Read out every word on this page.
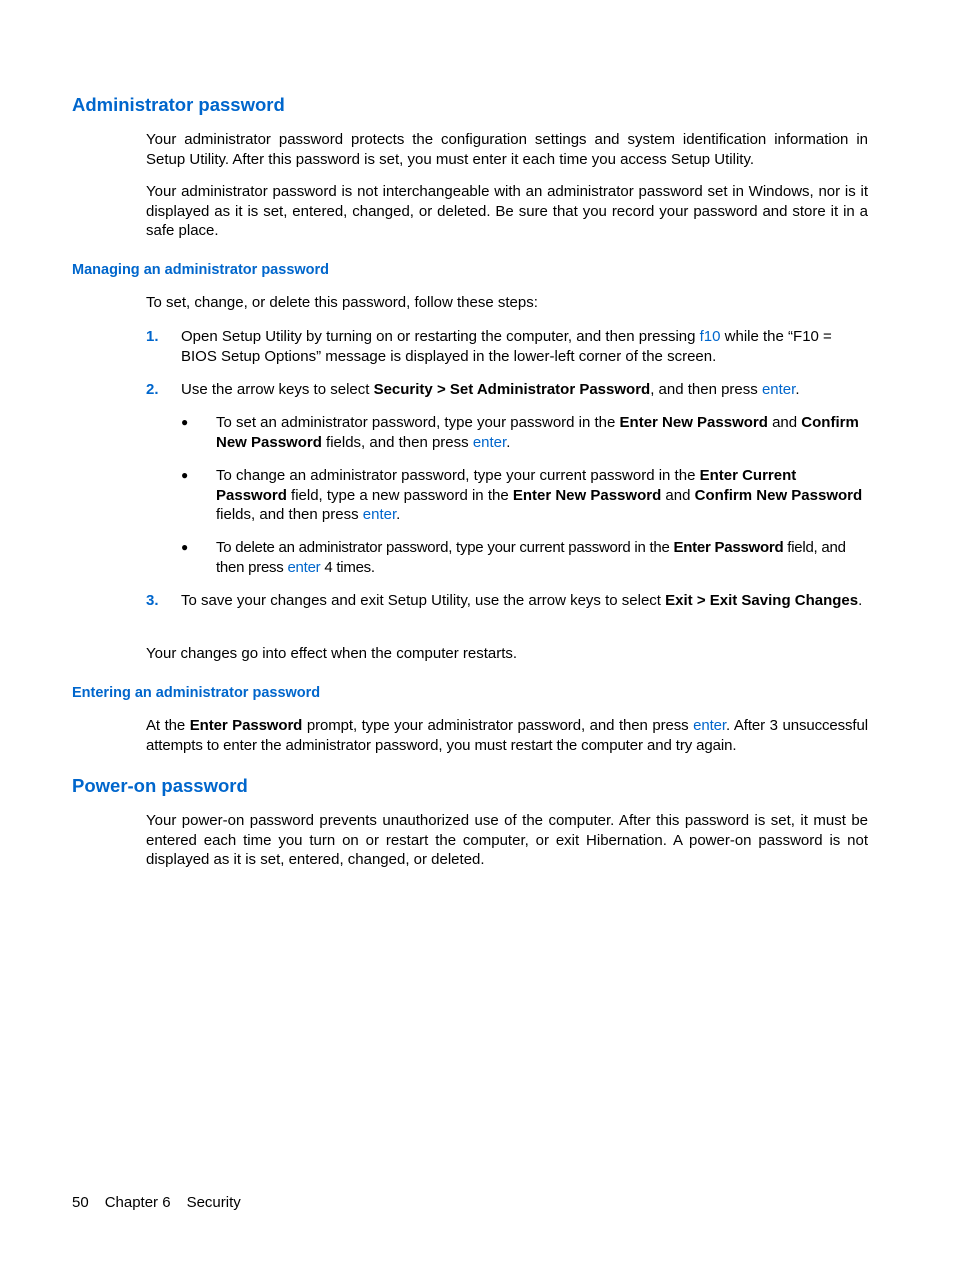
Administrator password

Your administrator password protects the configuration settings and system identification information in Setup Utility. After this password is set, you must enter it each time you access Setup Utility.

Your administrator password is not interchangeable with an administrator password set in Windows, nor is it displayed as it is set, entered, changed, or deleted. Be sure that you record your password and store it in a safe place.

Managing an administrator password

To set, change, or delete this password, follow these steps:

1. Open Setup Utility by turning on or restarting the computer, and then pressing f10 while the “F10 = BIOS Setup Options” message is displayed in the lower-left corner of the screen.
2. Use the arrow keys to select Security > Set Administrator Password, and then press enter.
● To set an administrator password, type your password in the Enter New Password and Confirm New Password fields, and then press enter.
● To change an administrator password, type your current password in the Enter Current Password field, type a new password in the Enter New Password and Confirm New Password fields, and then press enter.
● To delete an administrator password, type your current password in the Enter Password field, and then press enter 4 times.
3. To save your changes and exit Setup Utility, use the arrow keys to select Exit > Exit Saving Changes.

Your changes go into effect when the computer restarts.

Entering an administrator password

At the Enter Password prompt, type your administrator password, and then press enter. After 3 unsuccessful attempts to enter the administrator password, you must restart the computer and try again.

Power-on password

Your power-on password prevents unauthorized use of the computer. After this password is set, it must be entered each time you turn on or restart the computer, or exit Hibernation. A power-on password is not displayed as it is set, entered, changed, or deleted.

50 Chapter 6 Security
